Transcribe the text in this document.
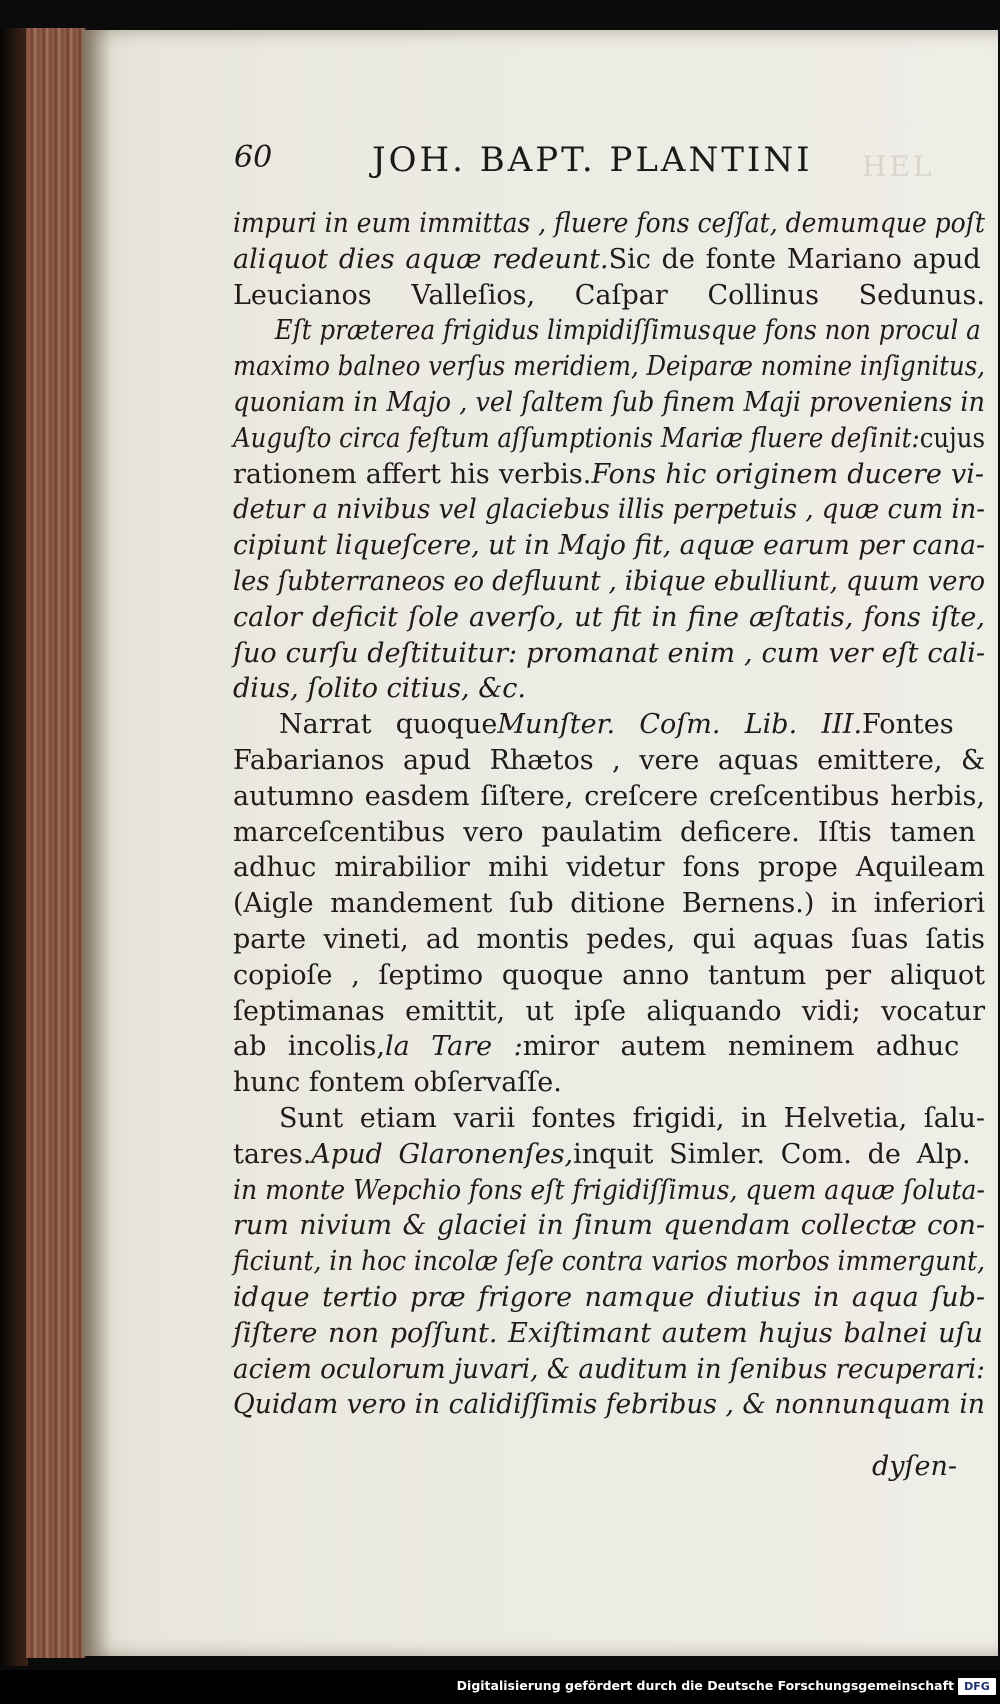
HEL
60	JOH. BAPT. PLANTINI
impuri in eum immittas , fluere fons ceſſat, demumque poſt
aliquot dies aquæ redeunt.Sic de fonte Mariano apud
Leucianos Valleſios, Caſpar Collinus Sedunus.
Eſt præterea frigidus limpidiſſimusque fons non procul a
maximo balneo verſus meridiem, Deiparæ nomine inſignitus,
quoniam in Majo , vel ſaltem ſub finem Maji proveniens in
Auguſto circa feſtum aſſumptionis Mariæ fluere deſinit:cujus
rationem affert his verbis.Fons hic originem ducere vi-
detur a nivibus vel glaciebus illis perpetuis , quæ cum in-
cipiunt liqueſcere, ut in Majo fit, aquæ earum per cana-
les ſubterraneos eo defluunt , ibique ebulliunt, quum vero
calor deficit ſole averſo, ut fit in fine æſtatis, fons iſte,
ſuo curſu deſtituitur: promanat enim , cum ver eſt cali-
dius, ſolito citius, &c.
Narrat quoqueMunſter. Coſm. Lib. III.Fontes
Fabarianos apud Rhætos , vere aquas emittere, &
autumno easdem ſiſtere, creſcere creſcentibus herbis,
marceſcentibus vero paulatim deficere. Iſtis tamen
adhuc mirabilior mihi videtur fons prope Aquileam
(Aigle mandement ſub ditione Bernens.) in inferiori
parte vineti, ad montis pedes, qui aquas ſuas ſatis
copioſe , ſeptimo quoque anno tantum per aliquot
ſeptimanas emittit, ut ipſe aliquando vidi; vocatur
ab incolis,la Tare :miror autem neminem adhuc
hunc fontem obſervaſſe.
Sunt etiam varii fontes frigidi, in Helvetia, ſalu-
tares.Apud Glaronenſes,inquit Simler. Com. de Alp.
in monte Wepchio fons eſt frigidiſſimus, quem aquæ ſoluta-
rum nivium & glaciei in ſinum quendam collectæ con-
ficiunt, in hoc incolæ ſeſe contra varios morbos immergunt,
idque tertio præ frigore namque diutius in aqua ſub-
ſiſtere non poſſunt. Exiſtimant autem hujus balnei uſu
aciem oculorum juvari, & auditum in ſenibus recuperari:
Quidam vero in calidiſſimis febribus , & nonnunquam in
dyſen-
Digitalisierung gefördert durch die Deutsche Forschungsgemeinschaft DFG
